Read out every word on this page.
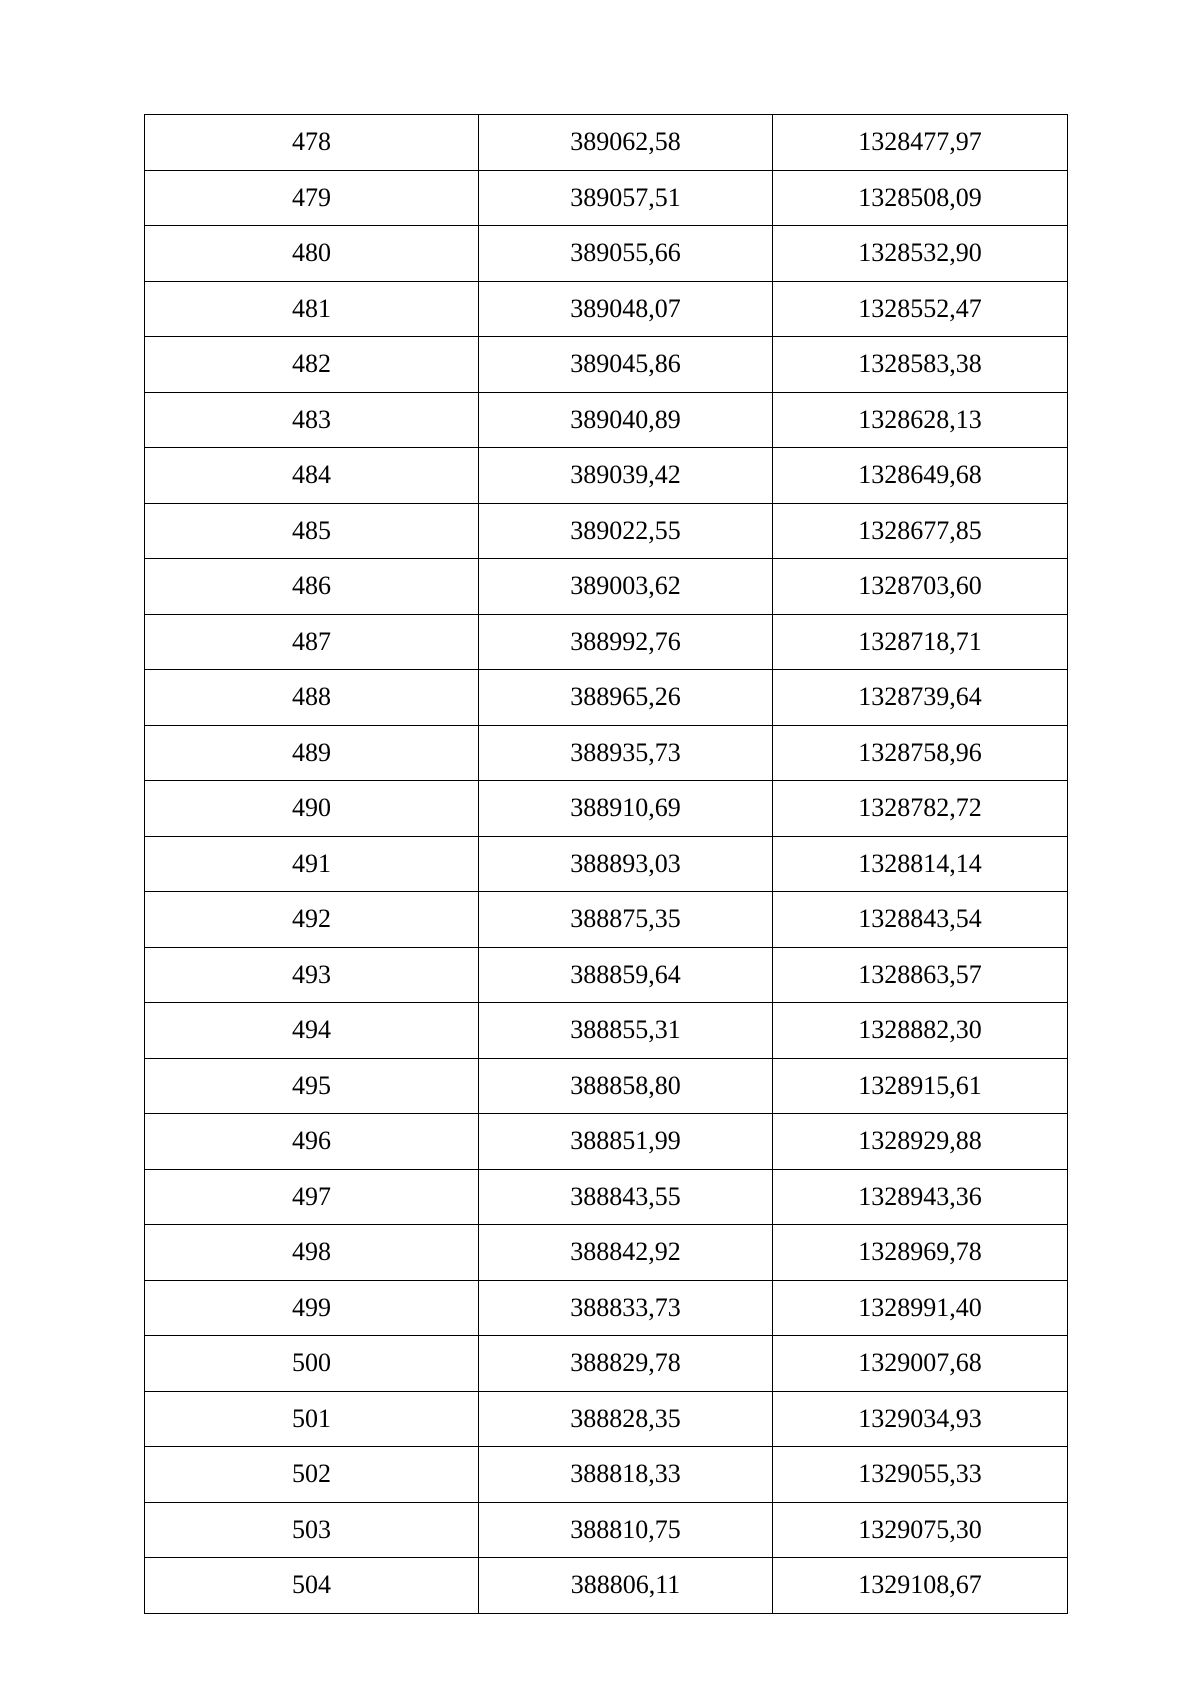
478	389062,58	1328477,97
479	389057,51	1328508,09
480	389055,66	1328532,90
481	389048,07	1328552,47
482	389045,86	1328583,38
483	389040,89	1328628,13
484	389039,42	1328649,68
485	389022,55	1328677,85
486	389003,62	1328703,60
487	388992,76	1328718,71
488	388965,26	1328739,64
489	388935,73	1328758,96
490	388910,69	1328782,72
491	388893,03	1328814,14
492	388875,35	1328843,54
493	388859,64	1328863,57
494	388855,31	1328882,30
495	388858,80	1328915,61
496	388851,99	1328929,88
497	388843,55	1328943,36
498	388842,92	1328969,78
499	388833,73	1328991,40
500	388829,78	1329007,68
501	388828,35	1329034,93
502	388818,33	1329055,33
503	388810,75	1329075,30
504	388806,11	1329108,67
